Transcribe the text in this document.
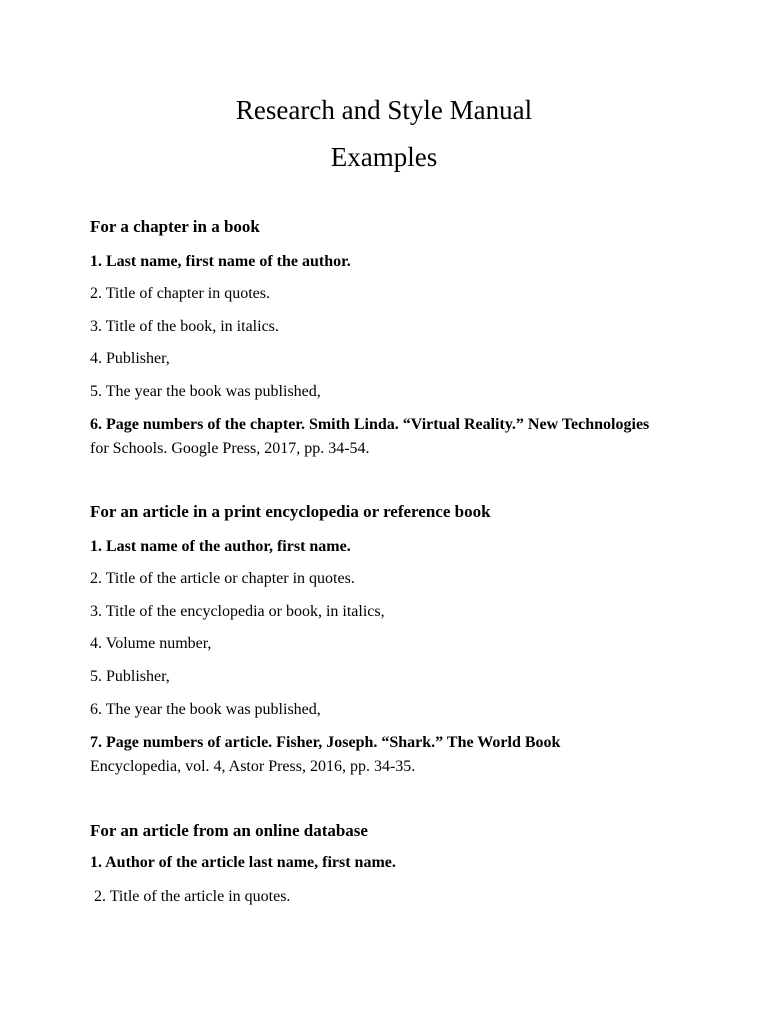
Research and Style Manual
Examples
For a chapter in a book
1. Last name, first name of the author.
2. Title of chapter in quotes.
3. Title of the book, in italics.
4. Publisher,
5. The year the book was published,
6. Page numbers of the chapter. Smith Linda. “Virtual Reality.” New Technologies
for Schools. Google Press, 2017, pp. 34-54.
For an article in a print encyclopedia or reference book
1. Last name of the author, first name.
2. Title of the article or chapter in quotes.
3. Title of the encyclopedia or book, in italics,
4. Volume number,
5. Publisher,
6. The year the book was published,
7. Page numbers of article. Fisher, Joseph. “Shark.” The World Book
Encyclopedia, vol. 4, Astor Press, 2016, pp. 34-35.
For an article from an online database
1. Author of the article last name, first name.
2. Title of the article in quotes.
